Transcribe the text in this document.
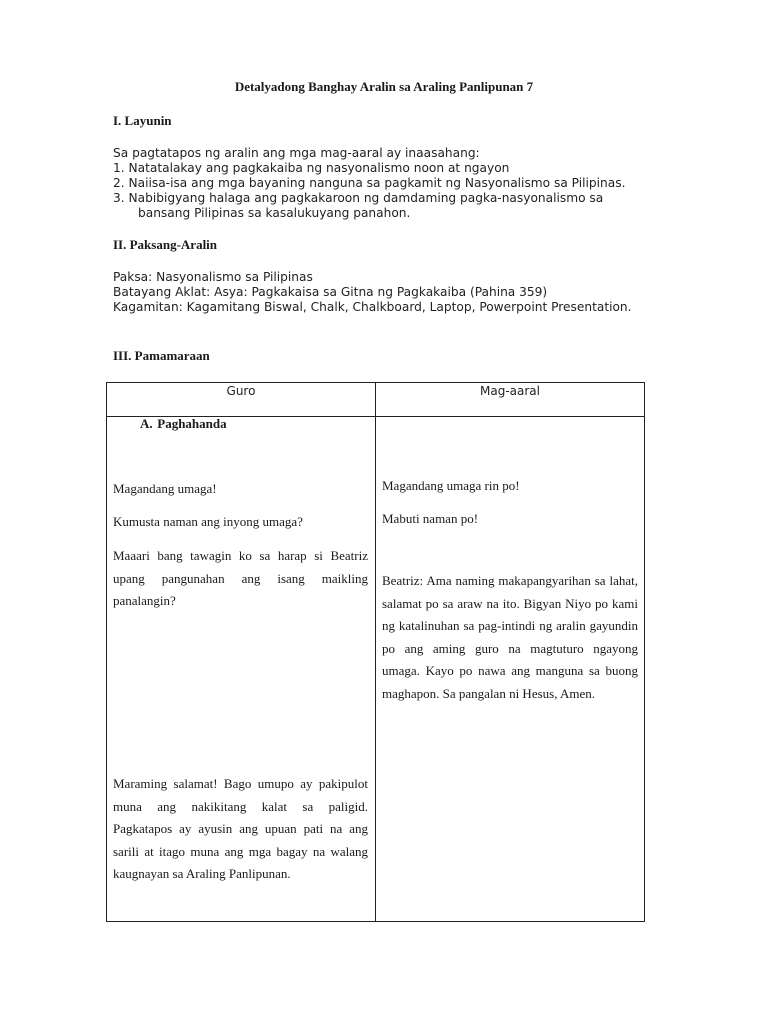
Detalyadong Banghay Aralin sa Araling Panlipunan 7
I. Layunin
Sa pagtatapos ng aralin ang mga mag-aaral ay inaasahang:
1. Natatalakay ang pagkakaiba ng nasyonalismo noon at ngayon
2. Naiisa-isa ang mga bayaning nanguna sa pagkamit ng Nasyonalismo sa Pilipinas.
3. Nabibigyang halaga ang pagkakaroon ng damdaming pagka-nasyonalismo sa
bansang Pilipinas sa kasalukuyang panahon.
II. Paksang-Aralin
Paksa: Nasyonalismo sa Pilipinas
Batayang Aklat: Asya: Pagkakaisa sa Gitna ng Pagkakaiba (Pahina 359)
Kagamitan: Kagamitang Biswal, Chalk, Chalkboard, Laptop, Powerpoint Presentation.
III. Pamamaraan
Guro	Mag-aaral
A. Paghahanda
Magandang umaga!
Kumusta naman ang inyong umaga?
Maaari bang tawagin ko sa harap si Beatriz upang pangunahan ang isang maikling panalangin?
Maraming salamat! Bago umupo ay pakipulot muna ang nakikitang kalat sa paligid. Pagkatapos ay ayusin ang upuan pati na ang sarili at itago muna ang mga bagay na walang kaugnayan sa Araling Panlipunan.
Magandang umaga rin po!
Mabuti naman po!
Beatriz: Ama naming makapangyarihan sa lahat, salamat po sa araw na ito. Bigyan Niyo po kami ng katalinuhan sa pag-intindi ng aralin gayundin po ang aming guro na magtuturo ngayong umaga. Kayo po nawa ang manguna sa buong maghapon. Sa pangalan ni Hesus, Amen.
